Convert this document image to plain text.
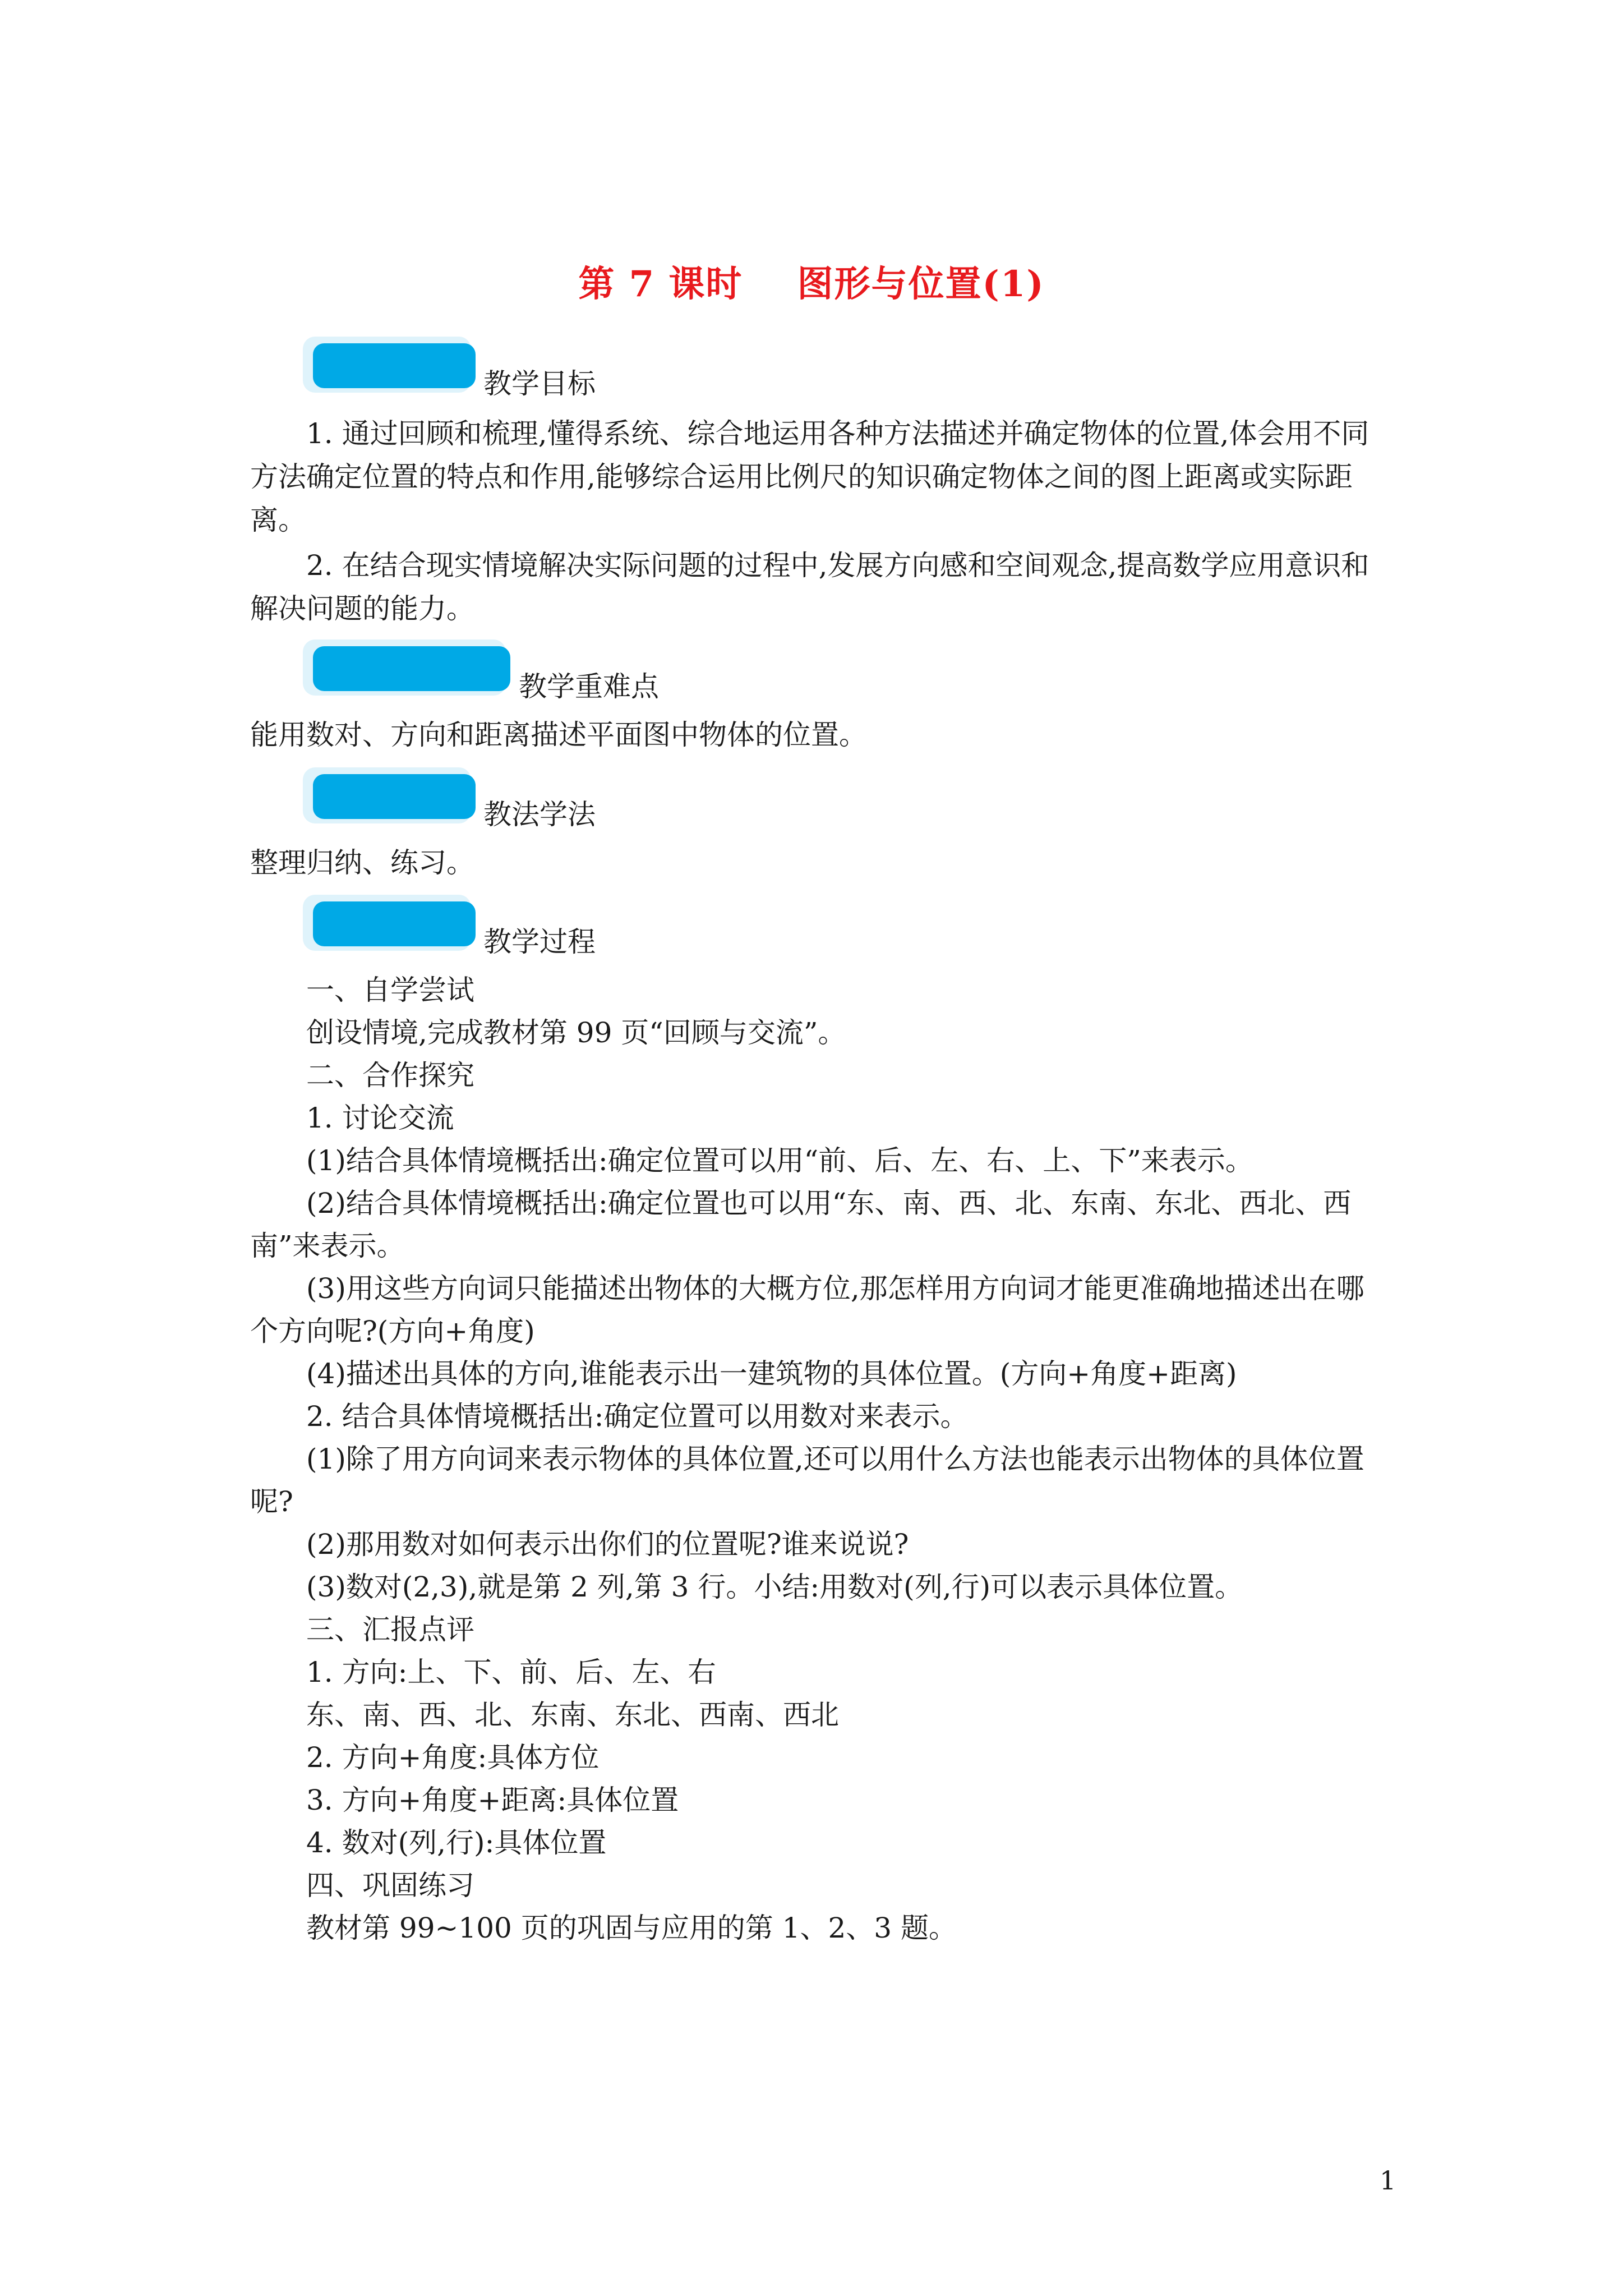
第 7 课时    图形与位置(1)
教学目标

1. 通过回顾和梳理,懂得系统、综合地运用各种方法描述并确定物体的位置,体会用不同方法确定位置的特点和作用,能够综合运用比例尺的知识确定物体之间的图上距离或实际距离。

2. 在结合现实情境解决实际问题的过程中,发展方向感和空间观念,提高数学应用意识和解决问题的能力。

教学重难点

能用数对、方向和距离描述平面图中物体的位置。

教法学法

整理归纳、练习。

教学过程

一、自学尝试

创设情境,完成教材第 99 页“回顾与交流”。

二、合作探究

1. 讨论交流

(1)结合具体情境概括出:确定位置可以用“前、后、左、右、上、下”来表示。

(2)结合具体情境概括出:确定位置也可以用“东、南、西、北、东南、东北、西北、西南”来表示。

(3)用这些方向词只能描述出物体的大概方位,那怎样用方向词才能更准确地描述出在哪个方向呢?(方向+角度)

(4)描述出具体的方向,谁能表示出一建筑物的具体位置。(方向+角度+距离)

2. 结合具体情境概括出:确定位置可以用数对来表示。

(1)除了用方向词来表示物体的具体位置,还可以用什么方法也能表示出物体的具体位置呢?

(2)那用数对如何表示出你们的位置呢?谁来说说?

(3)数对(2,3),就是第 2 列,第 3 行。小结:用数对(列,行)可以表示具体位置。

三、汇报点评

1. 方向:上、下、前、后、左、右

东、南、西、北、东南、东北、西南、西北

2. 方向+角度:具体方位

3. 方向+角度+距离:具体位置

4. 数对(列,行):具体位置

四、巩固练习

教材第 99~100 页的巩固与应用的第 1、2、3 题。

1
